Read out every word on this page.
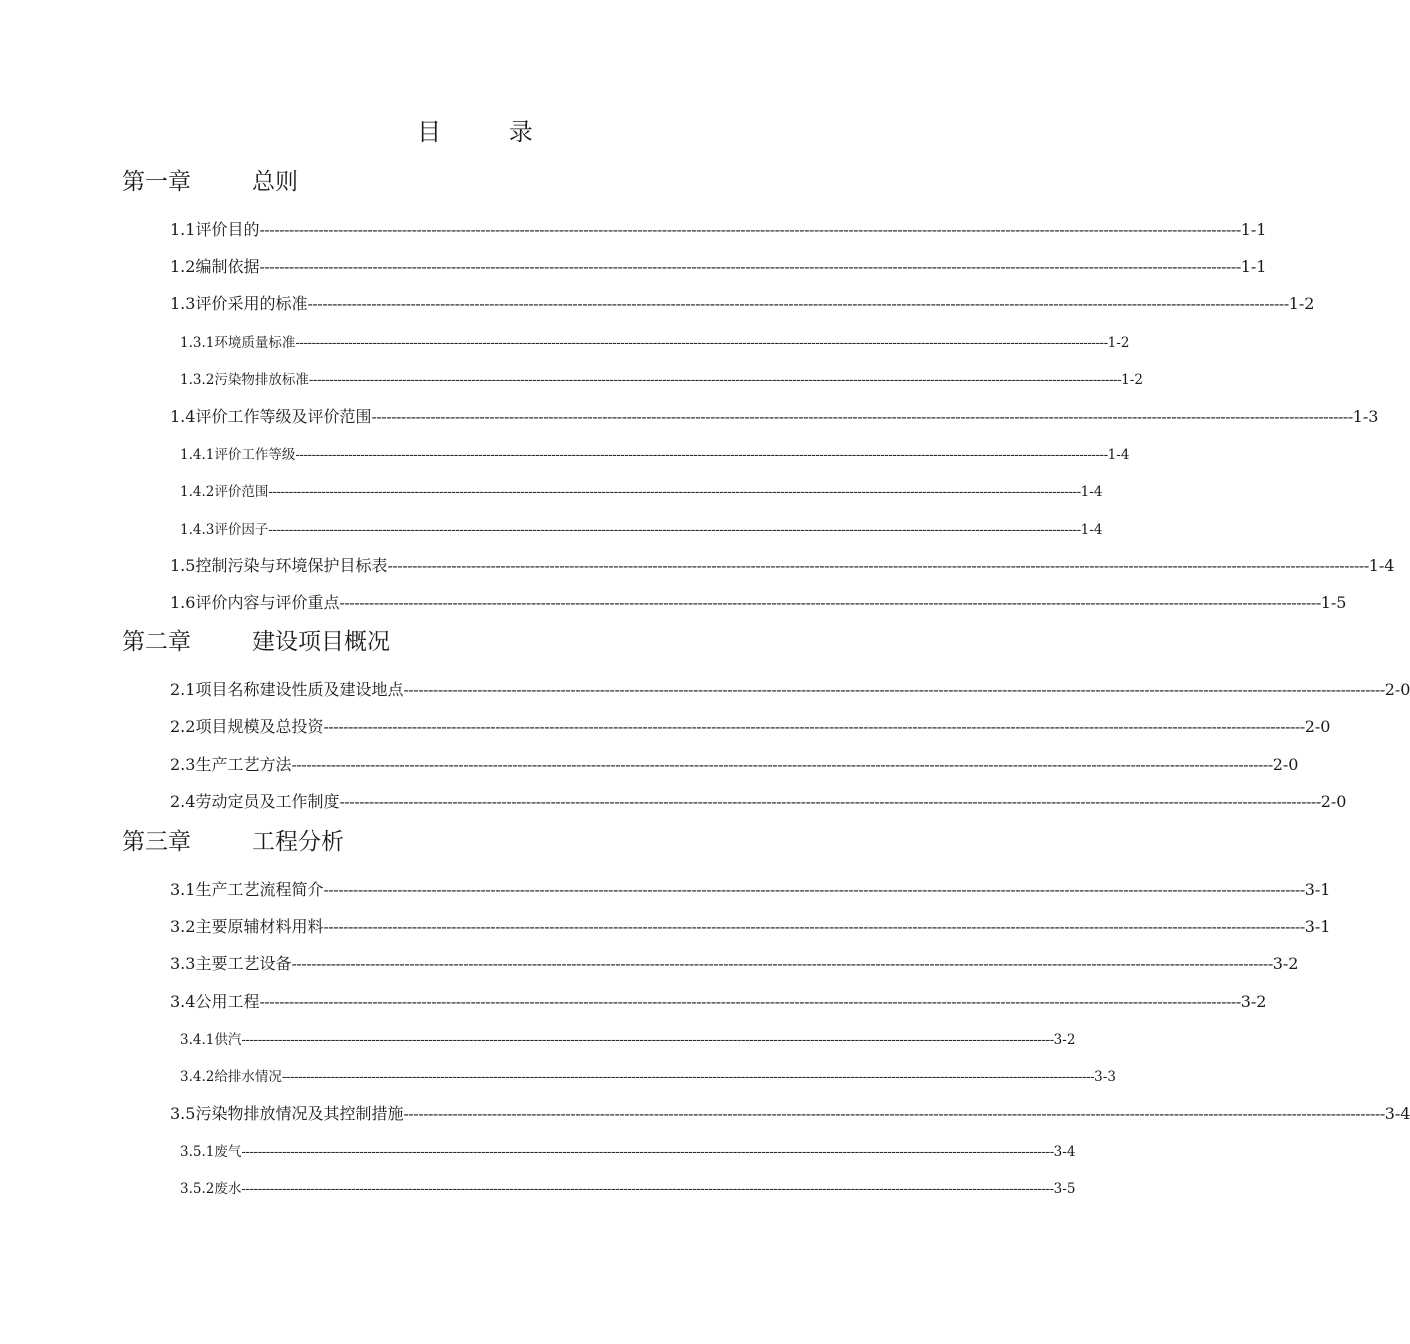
目 录
第一章	总则
1.1 评价目的 -------------------------------------------------------------------------------------------------------------------------------------------------------------------------------------------------------- 1-1
1.2 编制依据 -------------------------------------------------------------------------------------------------------------------------------------------------------------------------------------------------------- 1-1
1.3 评价采用的标准 -------------------------------------------------------------------------------------------------------------------------------------------------------------------------------------------------------- 1-2
1.3.1 环境质量标准 -------------------------------------------------------------------------------------------------------------------------------------------------------------------------------------------------------- 1-2
1.3.2 污染物排放标准 -------------------------------------------------------------------------------------------------------------------------------------------------------------------------------------------------------- 1-2
1.4 评价工作等级及评价范围 -------------------------------------------------------------------------------------------------------------------------------------------------------------------------------------------------------- 1-3
1.4.1 评价工作等级 -------------------------------------------------------------------------------------------------------------------------------------------------------------------------------------------------------- 1-4
1.4.2 评价范围 -------------------------------------------------------------------------------------------------------------------------------------------------------------------------------------------------------- 1-4
1.4.3 评价因子 -------------------------------------------------------------------------------------------------------------------------------------------------------------------------------------------------------- 1-4
1.5 控制污染与环境保护目标表 -------------------------------------------------------------------------------------------------------------------------------------------------------------------------------------------------------- 1-4
1.6 评价内容与评价重点 -------------------------------------------------------------------------------------------------------------------------------------------------------------------------------------------------------- 1-5
第二章	建设项目概况
2.1 项目名称建设性质及建设地点 -------------------------------------------------------------------------------------------------------------------------------------------------------------------------------------------------------- 2-0
2.2 项目规模及总投资 -------------------------------------------------------------------------------------------------------------------------------------------------------------------------------------------------------- 2-0
2.3 生产工艺方法 -------------------------------------------------------------------------------------------------------------------------------------------------------------------------------------------------------- 2-0
2.4 劳动定员及工作制度 -------------------------------------------------------------------------------------------------------------------------------------------------------------------------------------------------------- 2-0
第三章	工程分析
3.1 生产工艺流程简介 -------------------------------------------------------------------------------------------------------------------------------------------------------------------------------------------------------- 3-1
3.2 主要原辅材料用料 -------------------------------------------------------------------------------------------------------------------------------------------------------------------------------------------------------- 3-1
3.3 主要工艺设备 -------------------------------------------------------------------------------------------------------------------------------------------------------------------------------------------------------- 3-2
3.4 公用工程 -------------------------------------------------------------------------------------------------------------------------------------------------------------------------------------------------------- 3-2
3.4.1 供汽 -------------------------------------------------------------------------------------------------------------------------------------------------------------------------------------------------------- 3-2
3.4.2 给排水情况 -------------------------------------------------------------------------------------------------------------------------------------------------------------------------------------------------------- 3-3
3.5 污染物排放情况及其控制措施 -------------------------------------------------------------------------------------------------------------------------------------------------------------------------------------------------------- 3-4
3.5.1 废气 -------------------------------------------------------------------------------------------------------------------------------------------------------------------------------------------------------- 3-4
3.5.2 废水 -------------------------------------------------------------------------------------------------------------------------------------------------------------------------------------------------------- 3-5
